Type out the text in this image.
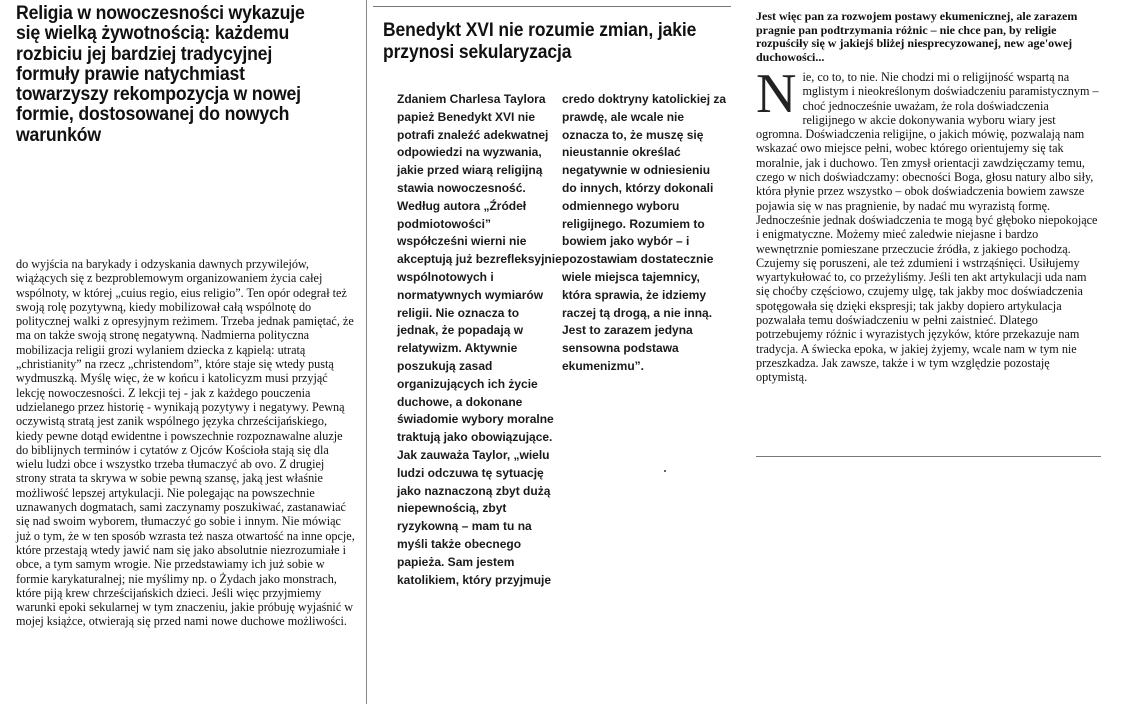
Religia w nowoczesności wykazuje się wielką żywotnością: każdemu rozbiciu jej bardziej tradycyjnej formuły prawie natychmiast towarzyszy rekompozycja w nowej formie, dostosowanej do nowych warunków

do wyjścia na barykady i odzyskania dawnych przywilejów, wiążących się z bezproblemowym organizowaniem życia całej wspólnoty, w której „cuius regio, eius religio”. Ten opór odegrał też swoją rolę pozytywną, kiedy mobilizował całą wspólnotę do politycznej walki z opresyjnym reżimem. Trzeba jednak pamiętać, że ma on także swoją stronę negatywną. Nadmierna polityczna mobilizacja religii grozi wylaniem dziecka z kąpielą: utratą „christianity” na rzecz „christendom”, które staje się wtedy pustą wydmuszką. Myślę więc, że w końcu i katolicyzm musi przyjąć lekcję nowoczesności. Z lekcji tej - jak z każdego pouczenia udzielanego przez historię - wynikają pozytywy i negatywy. Pewną oczywistą stratą jest zanik wspólnego języka chrześcijańskiego, kiedy pewne dotąd ewidentne i powszechnie rozpoznawalne aluzje do biblijnych terminów i cytatów z Ojców Kościoła stają się dla wielu ludzi obce i wszystko trzeba tłumaczyć ab ovo. Z drugiej strony strata ta skrywa w sobie pewną szansę, jaką jest właśnie możliwość lepszej artykulacji. Nie polegając na powszechnie uznawanych dogmatach, sami zaczynamy poszukiwać, zastanawiać się nad swoim wyborem, tłumaczyć go sobie i innym. Nie mówiąc już o tym, że w ten sposób wzrasta też nasza otwartość na inne opcje, które przestają wtedy jawić nam się jako absolutnie niezrozumiałe i obce, a tym samym wrogie. Nie przedstawiamy ich już sobie w formie karykaturalnej; nie myślimy np. o Żydach jako monstrach, które piją krew chrześcijańskich dzieci. Jeśli więc przyjmiemy warunki epoki sekularnej w tym znaczeniu, jakie próbuję wyjaśnić w mojej książce, otwierają się przed nami nowe duchowe możliwości.

Benedykt XVI nie rozumie zmian, jakie przynosi sekularyzacja

Zdaniem Charlesa Taylora papież Benedykt XVI nie potrafi znaleźć adekwatnej odpowiedzi na wyzwania, jakie przed wiarą religijną stawia nowoczesność. Według autora „Źródeł podmiotowości” współcześni wierni nie akceptują już bezrefleksyjnie wspólnotowych i normatywnych wymiarów religii. Nie oznacza to jednak, że popadają w relatywizm. Aktywnie poszukują zasad organizujących ich życie duchowe, a dokonane świadomie wybory moralne traktują jako obowiązujące. Jak zauważa Taylor, „wielu ludzi odczuwa tę sytuację jako naznaczoną zbyt dużą niepewnością, zbyt ryzykowną – mam tu na myśli także obecnego papieża. Sam jestem katolikiem, który przyjmuje

credo doktryny katolickiej za prawdę, ale wcale nie oznacza to, że muszę się nieustannie określać negatywnie w odniesieniu do innych, którzy dokonali odmiennego wyboru religijnego. Rozumiem to bowiem jako wybór – i pozostawiam dostatecznie wiele miejsca tajemnicy, która sprawia, że idziemy raczej tą drogą, a nie inną. Jest to zarazem jedyna sensowna podstawa ekumenizmu”.

Jest więc pan za rozwojem postawy ekumenicznej, ale zarazem pragnie pan podtrzymania różnic – nie chce pan, by religie rozpuściły się w jakiejś bliżej niesprecyzowanej, new age'owej duchowości...

N ie, co to, to nie. Nie chodzi mi o religijność wspartą na mglistym i nieokreślonym doświadczeniu paramistycznym – choć jednocześnie uważam, że rola doświadczenia religijnego w akcie dokonywania wyboru wiary jest ogromna. Doświadczenia religijne, o jakich mówię, pozwalają nam wskazać owo miejsce pełni, wobec którego orientujemy się tak moralnie, jak i duchowo. Ten zmysł orientacji zawdzięczamy temu, czego w nich doświadczamy: obecności Boga, głosu natury albo siły, która płynie przez wszystko – obok doświadczenia bowiem zawsze pojawia się w nas pragnienie, by nadać mu wyrazistą formę. Jednocześnie jednak doświadczenia te mogą być głęboko niepokojące i enigmatyczne. Możemy mieć zaledwie niejasne i bardzo wewnętrznie pomieszane przeczucie źródła, z jakiego pochodzą. Czujemy się poruszeni, ale też zdumieni i wstrząśnięci. Usiłujemy wyartykułować to, co przeżyliśmy. Jeśli ten akt artykulacji uda nam się choćby częściowo, czujemy ulgę, tak jakby moc doświadczenia spotęgowała się dzięki ekspresji; tak jakby dopiero artykulacja pozwalała temu doświadczeniu w pełni zaistnieć. Dlatego potrzebujemy różnic i wyrazistych języków, które przekazuje nam tradycja. A świecka epoka, w jakiej żyjemy, wcale nam w tym nie przeszkadza. Jak zawsze, także i w tym względzie pozostaję optymistą.
